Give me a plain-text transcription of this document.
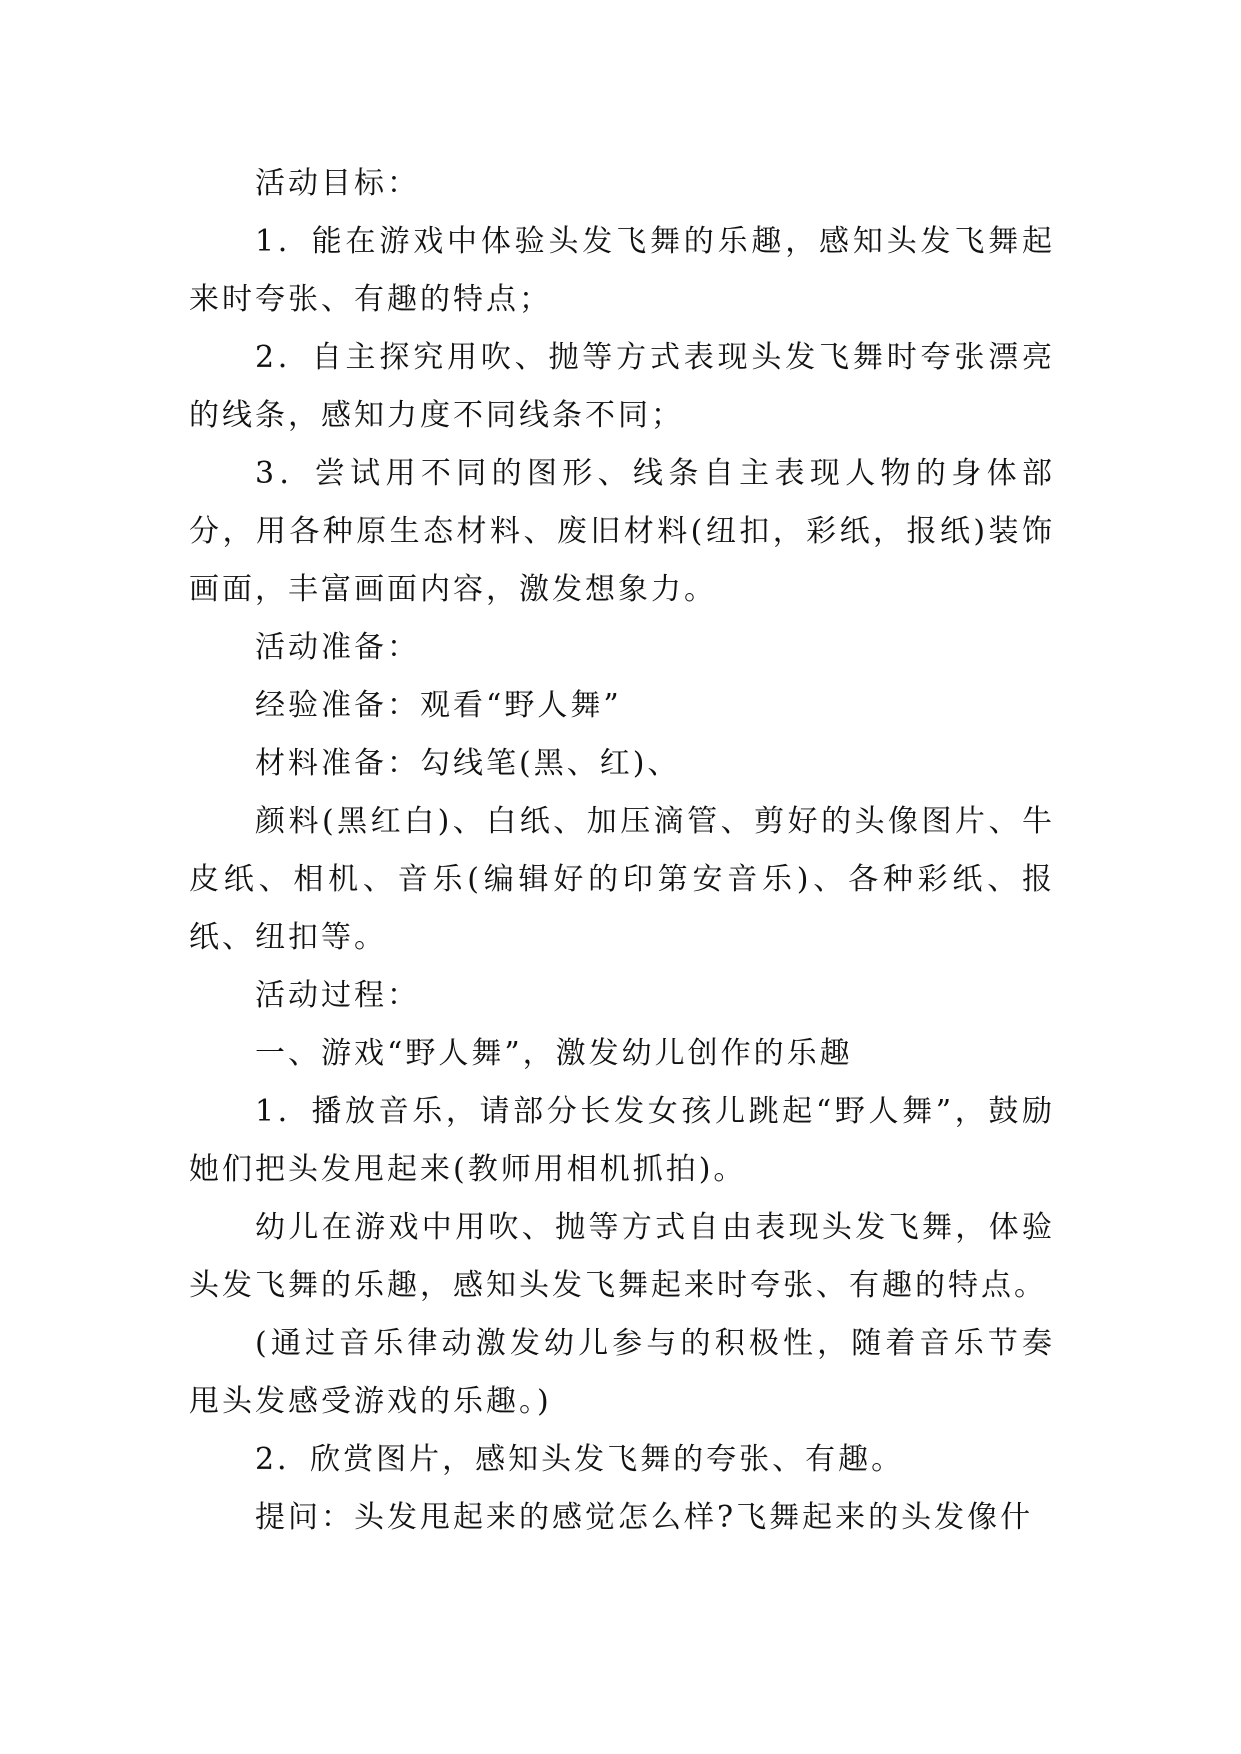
活动目标：

1．能在游戏中体验头发飞舞的乐趣，感知头发飞舞起来时夸张、有趣的特点；

2．自主探究用吹、抛等方式表现头发飞舞时夸张漂亮的线条，感知力度不同线条不同；

3．尝试用不同的图形、线条自主表现人物的身体部分，用各种原生态材料、废旧材料(纽扣，彩纸，报纸)装饰画面，丰富画面内容，激发想象力。

活动准备：

经验准备：观看“野人舞”

材料准备：勾线笔(黑、红)、

颜料(黑红白)、白纸、加压滴管、剪好的头像图片、牛皮纸、相机、音乐(编辑好的印第安音乐)、各种彩纸、报纸、纽扣等。

活动过程：

一、游戏“野人舞”，激发幼儿创作的乐趣

1．播放音乐，请部分长发女孩儿跳起“野人舞”，鼓励她们把头发甩起来(教师用相机抓拍)。

幼儿在游戏中用吹、抛等方式自由表现头发飞舞，体验头发飞舞的乐趣，感知头发飞舞起来时夸张、有趣的特点。

(通过音乐律动激发幼儿参与的积极性，随着音乐节奏甩头发感受游戏的乐趣。)

2．欣赏图片，感知头发飞舞的夸张、有趣。

提问：头发甩起来的感觉怎么样?飞舞起来的头发像什
